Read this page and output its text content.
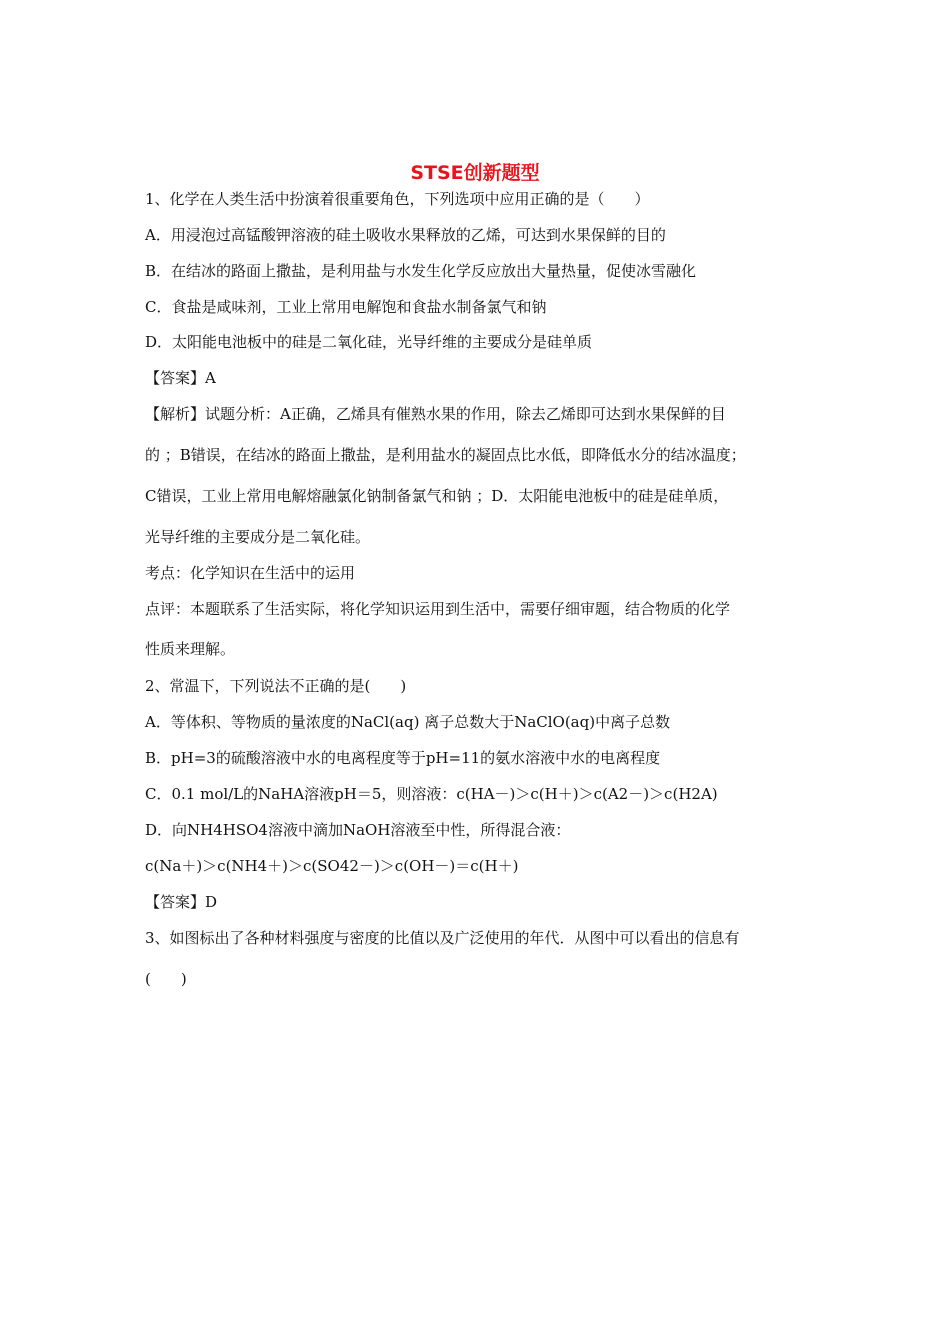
STSE创新题型
1、化学在人类生活中扮演着很重要角色，下列选项中应用正确的是（　　）
A．用浸泡过高锰酸钾溶液的硅土吸收水果释放的乙烯，可达到水果保鲜的目的
B．在结冰的路面上撒盐，是利用盐与水发生化学反应放出大量热量，促使冰雪融化
C．食盐是咸味剂，工业上常用电解饱和食盐水制备氯气和钠
D．太阳能电池板中的硅是二氧化硅，光导纤维的主要成分是硅单质
【答案】A
【解析】试题分析：A正确，乙烯具有催熟水果的作用，除去乙烯即可达到水果保鲜的目
的 ；B错误，在结冰的路面上撒盐，是利用盐水的凝固点比水低，即降低水分的结冰温度；
C错误，工业上常用电解熔融氯化钠制备氯气和钠 ；D．太阳能电池板中的硅是硅单质，
光导纤维的主要成分是二氧化硅。
考点：化学知识在生活中的运用
点评：本题联系了生活实际，将化学知识运用到生活中，需要仔细审题，结合物质的化学
性质来理解。
2、常温下，下列说法不正确的是(　　)
A．等体积、等物质的量浓度的NaCl(aq) 离子总数大于NaClO(aq)中离子总数
B．pH=3的硫酸溶液中水的电离程度等于pH=11的氨水溶液中水的电离程度
C．0.1 mol/L的NaHA溶液pH＝5，则溶液：c(HA－)＞c(H＋)＞c(A2－)＞c(H2A)
D．向NH4HSO4溶液中滴加NaOH溶液至中性，所得混合液：
c(Na＋)＞c(NH4＋)＞c(SO42－)＞c(OH－)＝c(H＋)
【答案】D
3、如图标出了各种材料强度与密度的比值以及广泛使用的年代．从图中可以看出的信息有
(　　)
